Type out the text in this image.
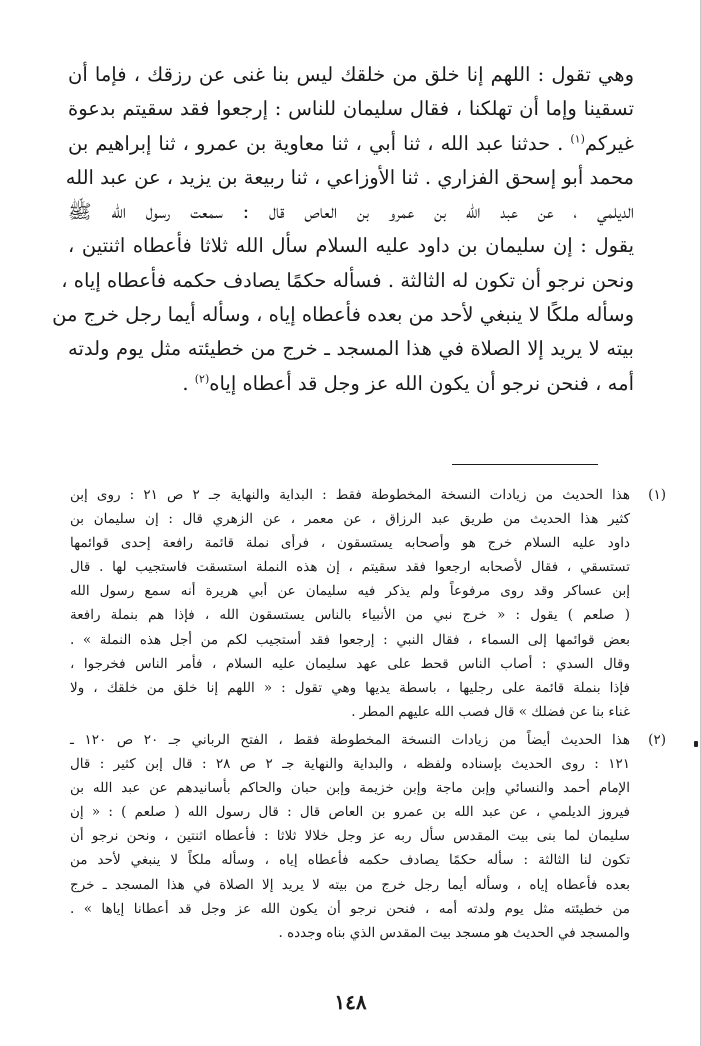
وهي تقول : اللهم إنا خلق من خلقك ليس بنا غنى عن رزقك ، فإما أن
تسقينا وإما أن تهلكنا ، فقال سليمان للناس : إرجعوا فقد سقيتم بدعوة
غيركم$^{(١)}$ . حدثنا عبد الله ، ثنا أبي ، ثنا معاوية بن عمرو ، ثنا إبراهيم بن
محمد أبو إسحق الفزاري . ثنا الأوزاعي ، ثنا ربيعة بن يزيد ، عن عبد الله
الديلمي ، عن عبد الله بن عمرو بن العاص قال : سمعت رسول الله ﷺ
يقول : إن سليمان بن داود عليه السلام سأل الله ثلاثا فأعطاه اثنتين ،
ونحن نرجو أن تكون له الثالثة . فسأله حكمًا يصادف حكمه فأعطاه إياه ،
وسأله ملكًا لا ينبغي لأحد من بعده فأعطاه إياه ، وسأله أيما رجل خرج من
بيته لا يريد إلا الصلاة في هذا المسجد ـ خرج من خطيئته مثل يوم ولدته
أمه ، فنحن نرجو أن يكون الله عز وجل قد أعطاه إياه$^{(٢)}$ .
(١)
هذا الحديث من زيادات النسخة المخطوطة فقط : البداية والنهاية جـ ٢ ص ٢١ : روى إبن
كثير هذا الحديث من طريق عبد الرزاق ، عن معمر ، عن الزهري قال : إن سليمان بن
داود عليه السلام خرج هو وأصحابه يستسقون ، فرأى نملة قائمة رافعة إحدى قوائمها
تستسقي ، فقال لأصحابه ارجعوا فقد سقيتم ، إن هذه النملة استسقت فاستجيب لها . قال
إبن عساكر وقد روى مرفوعاً ولم يذكر فيه سليمان عن أبي هريرة أنه سمع رسول الله
( صلعم ) يقول : « خرج نبي من الأنبياء بالناس يستسقون الله ، فإذا هم بنملة رافعة
بعض قوائمها إلى السماء ، فقال النبي : إرجعوا فقد أستجيب لكم من أجل هذه النملة » .
وقال السدي : أصاب الناس قحط على عهد سليمان عليه السلام ، فأمر الناس فخرجوا ،
فإذا بنملة قائمة على رجليها ، باسطة يديها وهي تقول : « اللهم إنا خلق من خلقك ، ولا
غناء بنا عن فضلك » قال فصب الله عليهم المطر .
(٢)
هذا الحديث أيضاً من زيادات النسخة المخطوطة فقط ، الفتح الرباني جـ ٢٠ ص ١٢٠ ـ
١٢١ : روى الحديث بإسناده ولفظه ، والبداية والنهاية جـ ٢ ص ٢٨ : قال إبن كثير : قال
الإمام أحمد والنسائي وإبن ماجة وإبن خزيمة وإبن حبان والحاكم بأسانيدهم عن عبد الله بن
فيروز الديلمي ، عن عبد الله بن عمرو بن العاص قال : قال رسول الله ( صلعم ) : « إن
سليمان لما بنى بيت المقدس سأل ربه عز وجل خلالا ثلاثا : فأعطاه اثنتين ، ونحن نرجو أن
تكون لنا الثالثة : سأله حكمًا يصادف حكمه فأعطاه إياه ، وسأله ملكاً لا ينبغي لأحد من
بعده فأعطاه إياه ، وسأله أيما رجل خرج من بيته لا يريد إلا الصلاة في هذا المسجد ـ خرج
من خطيئته مثل يوم ولدته أمه ، فنحن نرجو أن يكون الله عز وجل قد أعطانا إياها » .
والمسجد في الحديث هو مسجد بيت المقدس الذي بناه وجدده .
١٤٨
